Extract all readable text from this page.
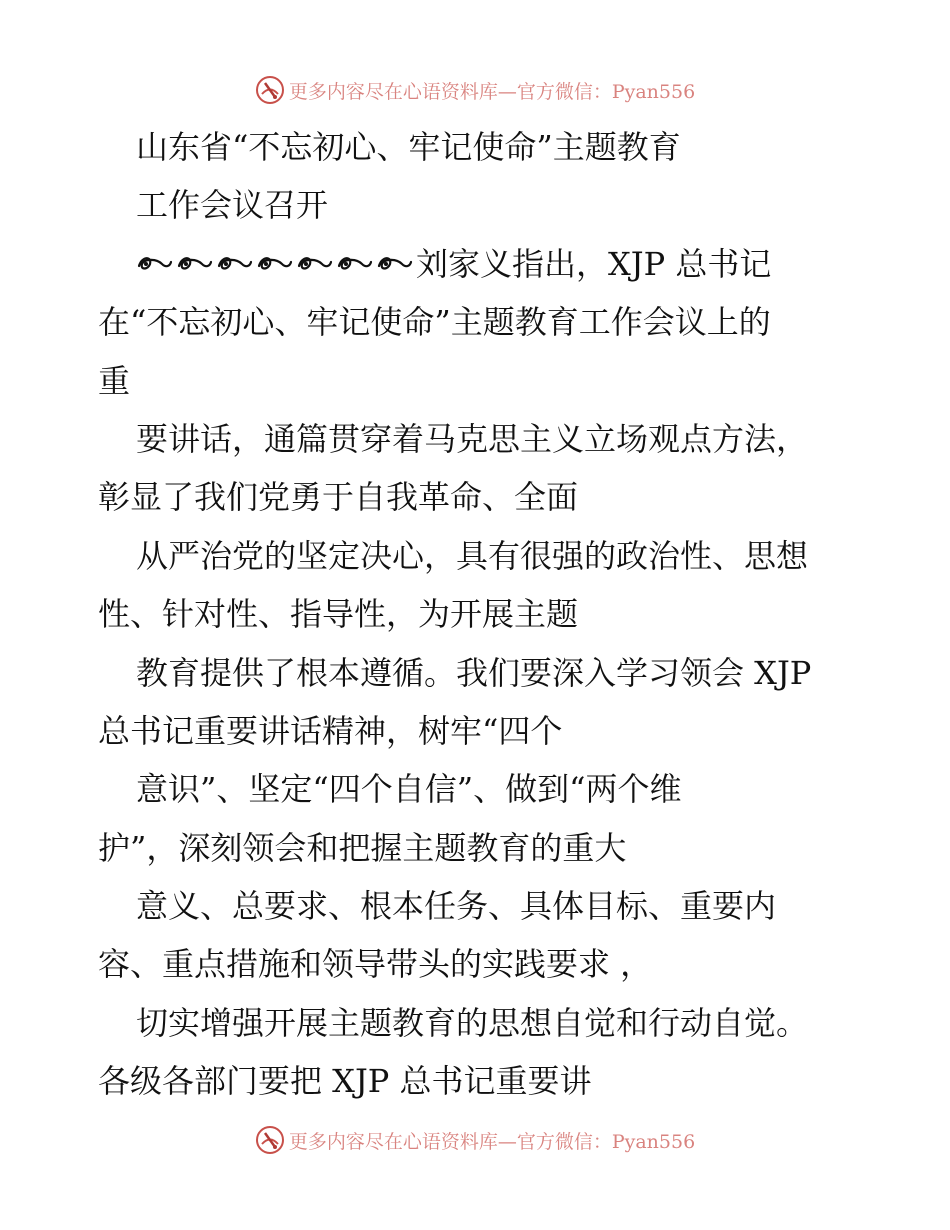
更多内容尽在心语资料库—官方微信：Pyan556
山东省“不忘初心、牢记使命”主题教育
工作会议召开
刘家义指出，XJP 总书记
在“不忘初心、牢记使命”主题教育工作会议上的
重
要讲话，通篇贯穿着马克思主义立场观点方法，
彰显了我们党勇于自我革命、全面
从严治党的坚定决心，具有很强的政治性、思想
性、针对性、指导性，为开展主题
教育提供了根本遵循。我们要深入学习领会 XJP
总书记重要讲话精神，树牢“四个
意识”、坚定“四个自信”、做到“两个维
护”，深刻领会和把握主题教育的重大
意义、总要求、根本任务、具体目标、重要内
容、重点措施和领导带头的实践要求 ，
切实增强开展主题教育的思想自觉和行动自觉。
各级各部门要把 XJP 总书记重要讲
更多内容尽在心语资料库—官方微信：Pyan556
